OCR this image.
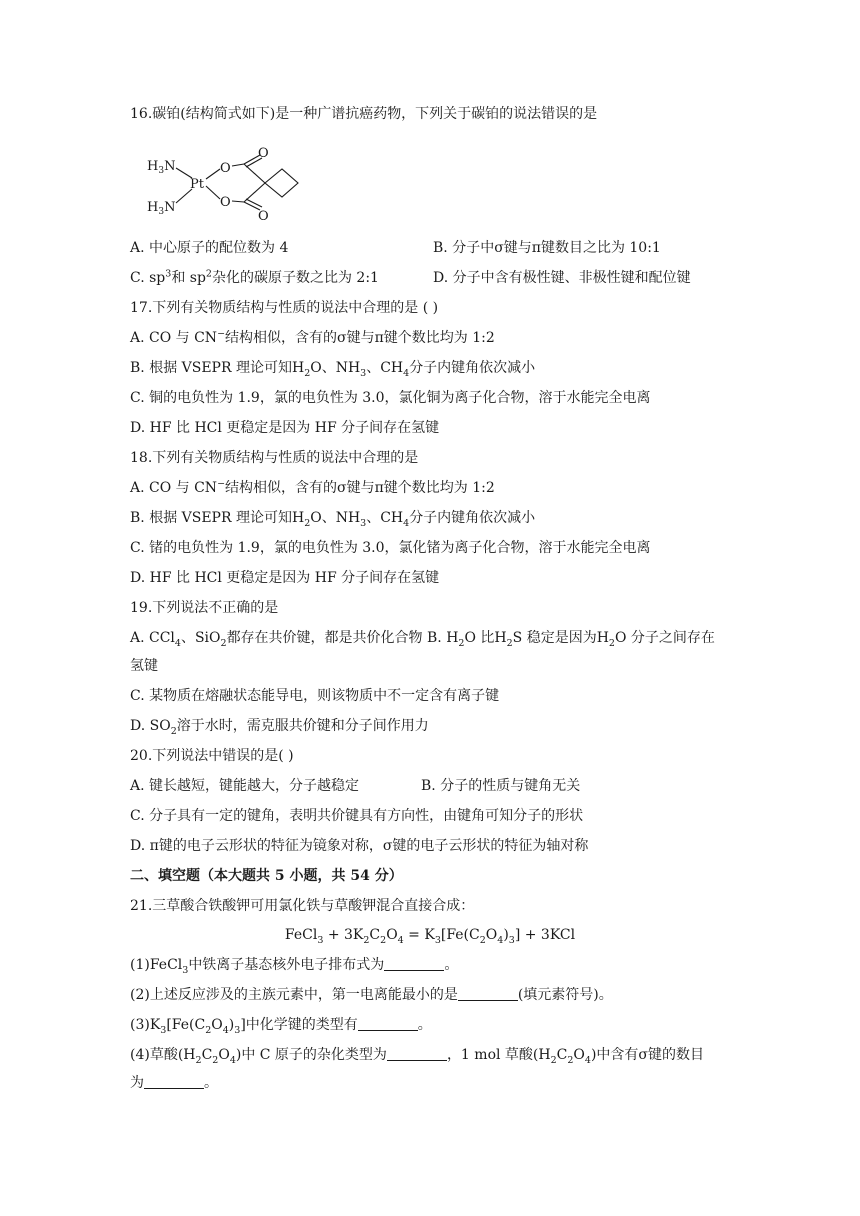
16.碳铂(结构简式如下)是一种广谱抗癌药物，下列关于碳铂的说法错误的是
$H_3N$
$H_3N$
Pt
O
O
O
O
A. 中心原子的配位数为 4	B. 分子中σ键与π键数目之比为 10:1
C. $sp^3$和 $sp^2$杂化的碳原子数之比为 2:1	D. 分子中含有极性键、非极性键和配位键
17.下列有关物质结构与性质的说法中合理的是 ( )
A. CO 与 CN−结构相似，含有的σ键与π键个数比均为 1:2
B. 根据 VSEPR 理论可知$H_2O$、$NH_3$、$CH_4$分子内键角依次减小
C. 铜的电负性为 1.9，氯的电负性为 3.0，氯化铜为离子化合物，溶于水能完全电离
D. HF 比 HCl 更稳定是因为 HF 分子间存在氢键
18.下列有关物质结构与性质的说法中合理的是
A. CO 与 CN−结构相似，含有的σ键与π键个数比均为 1:2
B. 根据 VSEPR 理论可知$H_2O$、$NH_3$、$CH_4$分子内键角依次减小
C. 锗的电负性为 1.9，氯的电负性为 3.0，氯化锗为离子化合物，溶于水能完全电离
D. HF 比 HCl 更稳定是因为 HF 分子间存在氢键
19.下列说法不正确的是
A. CCl$_4$、SiO$_2$都存在共价键，都是共价化合物 B. $H_2O$ 比$H_2S$ 稳定是因为$H_2O$ 分子之间存在
氢键
C. 某物质在熔融状态能导电，则该物质中不一定含有离子键
D. $SO_2$溶于水时，需克服共价键和分子间作用力
20.下列说法中错误的是( )
A. 键长越短，键能越大，分子越稳定	B. 分子的性质与键角无关
C. 分子具有一定的键角，表明共价键具有方向性，由键角可知分子的形状
D. π键的电子云形状的特征为镜象对称，σ键的电子云形状的特征为轴对称
二、填空题（本大题共 5 小题，共 54 分）
21.三草酸合铁酸钾可用氯化铁与草酸钾混合直接合成：
FeCl$_3$ + $3K_2C_2O_4 = K_3[Fe(C_2O_4)_3] + 3KCl$
(1)FeCl$_3$中铁离子基态核外电子排布式为	。
(2)上述反应涉及的主族元素中，第一电离能最小的是	(填元素符号)。
$(3)K_3[Fe(C_2O_4)_3]$中化学键的类型有	。
(4)草酸$(H_2C_2O_4)$中 C 原子的杂化类型为	，1 mol 草酸$(H_2C_2O_4)$中含有σ键的数目
为	。
